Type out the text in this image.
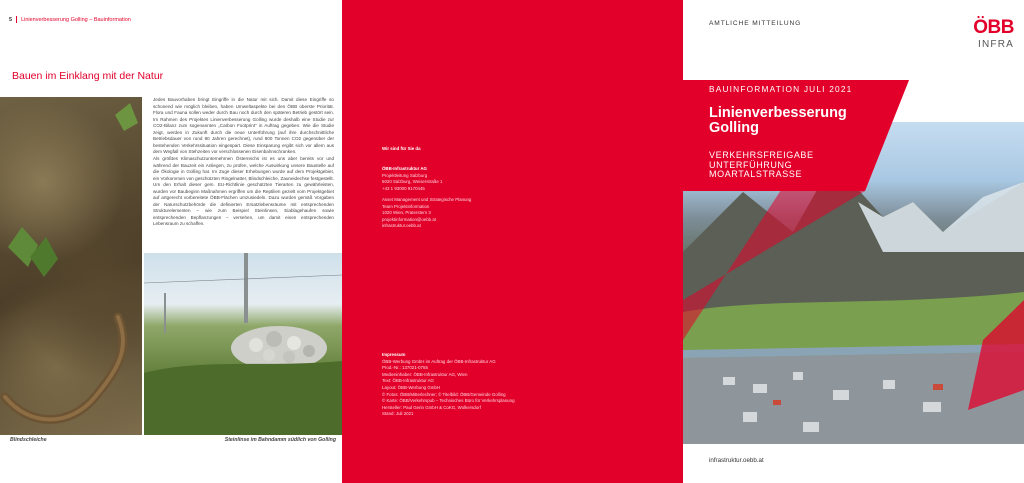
5 Linienverbesserung Golling – Bauinformation
Bauen im Einklang mit der Natur

Jedes Bauvorhaben bringt Eingriffe in die Natur mit sich. Damit diese Eingriffe so schonend wie möglich bleiben, haben Umweltaspekte bei den ÖBB oberste Priorität. Flora und Fauna sollen weder durch Bau noch durch den späteren Betrieb gestört sein. Im Rahmen des Projektes Linienverbesserung Golling wurde deshalb eine Studie zur CO2-Bilanz zum sogenannten „Carbon Footprint“ in Auftrag gegeben. Wie die Studie zeigt, werden in Zukunft durch die neue Unterführung (auf ihre durchschnittliche Betriebsdauer von rund 80 Jahren gerechnet), rund 800 Tonnen CO2 gegenüber der bestehenden Verkehrssituation eingespart. Diese Einsparung ergibt sich vor allem aus dem Wegfall von Stehzeiten vor verschlossenen Eisenbahnschranken.

Als größtes Klimaschutzunternehmen Österreichs ist es uns aber bereits vor und während der Bauzeit ein Anliegen, zu prüfen, welche Auswirkung unsere Baustelle auf die Ökologie in Golling hat. Im Zuge dieser Erhebungen wurde auf dem Projektgebiet, ein Vorkommen von geschützten Ringelnatter, Blindschleiche, Zauneidechse festgestellt. Um den Erhalt dieser gem. EU-Richtlinie geschützten Tierarten zu gewährleisten, wurden vor Baubeginn Maßnahmen ergriffen um die Reptilien gezielt vom Projektgebiet auf artgerecht vorbereitete ÖBB-Flächen umzusiedeln. Dazu wurden gemäß Vorgaben der Naturschutzbehörde die definierten Ersatzlebensräume mit entsprechenden Strukturelementen – wie zum Beispiel Steinlinsen, Eiablagehaufen sowie entsprechenden Bepflanzungen – versehen, um damit einen entsprechenden Lebensraum zu schaffen.

Blindschleiche	Steinlinse im Bahndamm südlich von Golling
Wir sind für Sie da
ÖBB-Infrastruktur AG
Projektleitung Salzburg
5020 Salzburg, Weiserstraße 1
+43 1 93000 9170445
Asset Management und Strategische Planung
Team Projektinformation
1020 Wien, Praterstern 3
projektinformation@oebb.at
infrastruktur.oebb.at
Impressum
ÖBB-Werbung GmbH im Auftrag der ÖBB-Infrastruktur AG
Prod.-Nr.: 137021-0755
Medieninhaber: ÖBB-Infrastruktur AG, Wien
Text: ÖBB-Infrastruktur AG
Layout: ÖBB-Werbung GmbH
© Fotos: ÖBB/Mitterlechner; © Titelbild: ÖBB/Gemeinde Golling
© Karte: ÖBB/Verkehrspub – Technisches Büro für Verkehrsplanung
Hersteller: Paul Gerin GmbH & CoKG, Wolkersdorf
Stand: Juli 2021
AMTLICHE MITTEILUNG	ÖBB
INFRA
BAUINFORMATION JULI 2021
Linienverbesserung
Golling
VERKEHRSFREIGABE
UNTERFÜHRUNG
MOARTALSTRASSE
infrastruktur.oebb.at
